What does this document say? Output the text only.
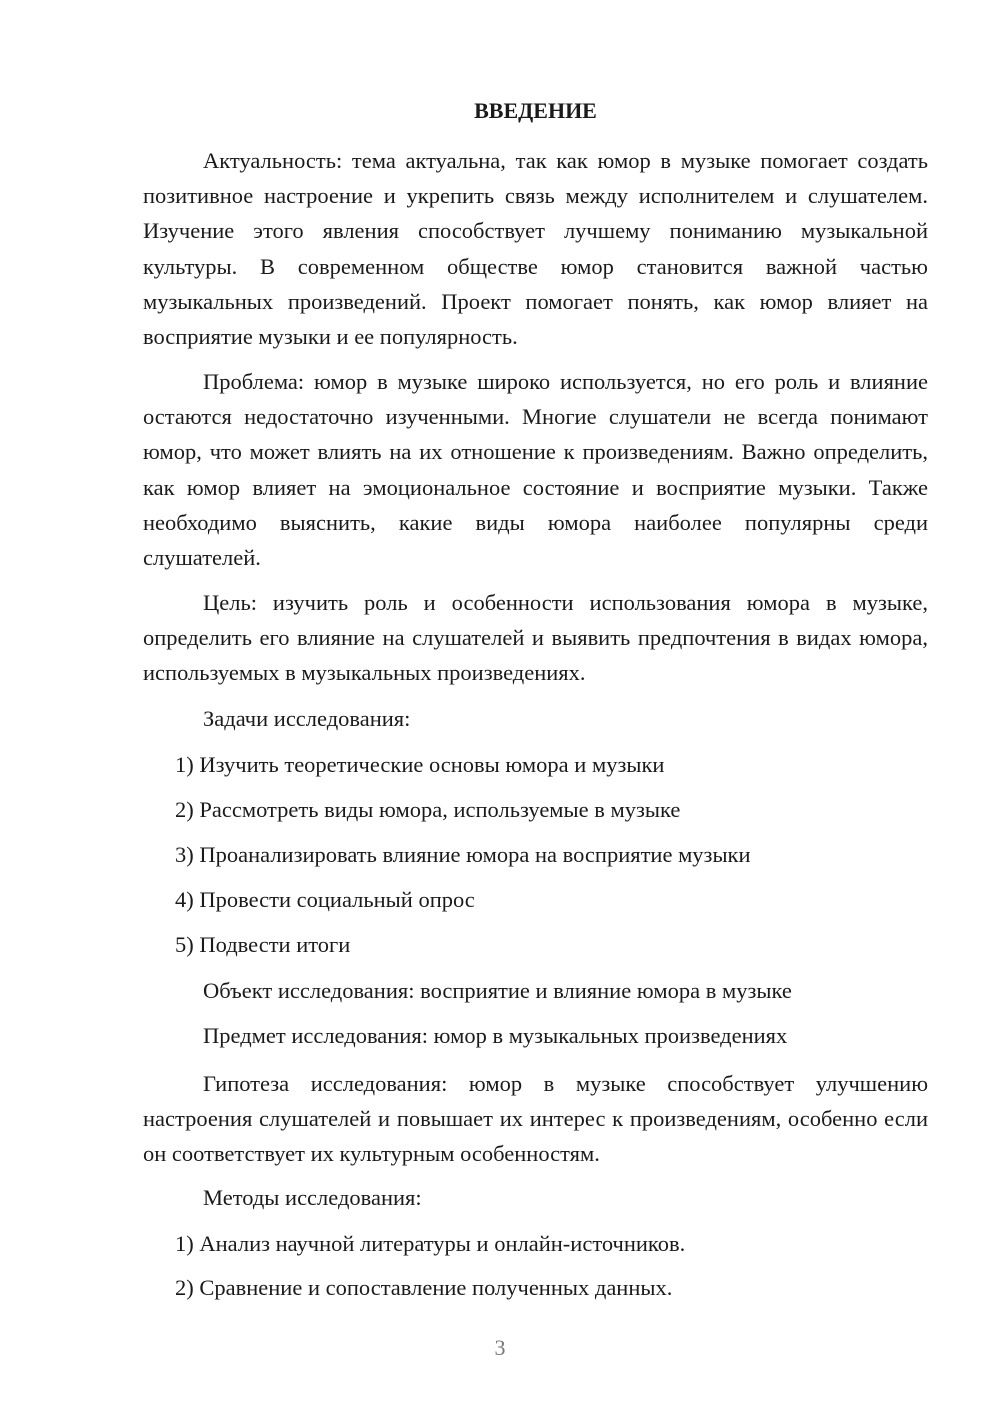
ВВЕДЕНИЕ

Актуальность: тема актуальна, так как юмор в музыке помогает создать позитивное настроение и укрепить связь между исполнителем и слушателем. Изучение этого явления способствует лучшему пониманию музыкальной культуры. В современном обществе юмор становится важной частью музыкальных произведений. Проект помогает понять, как юмор влияет на восприятие музыки и ее популярность.

Проблема: юмор в музыке широко используется, но его роль и влияние остаются недостаточно изученными. Многие слушатели не всегда понимают юмор, что может влиять на их отношение к произведениям. Важно определить, как юмор влияет на эмоциональное состояние и восприятие музыки. Также необходимо выяснить, какие виды юмора наиболее популярны среди слушателей.

Цель: изучить роль и особенности использования юмора в музыке, определить его влияние на слушателей и выявить предпочтения в видах юмора, используемых в музыкальных произведениях.

Задачи исследования:

1) Изучить теоретические основы юмора и музыки

2) Рассмотреть виды юмора, используемые в музыке

3) Проанализировать влияние юмора на восприятие музыки

4) Провести социальный опрос

5) Подвести итоги

Объект исследования: восприятие и влияние юмора в музыке

Предмет исследования: юмор в музыкальных произведениях

Гипотеза исследования: юмор в музыке способствует улучшению настроения слушателей и повышает их интерес к произведениям, особенно если он соответствует их культурным особенностям.

Методы исследования:

1) Анализ научной литературы и онлайн-источников.

2) Сравнение и сопоставление полученных данных.

3
